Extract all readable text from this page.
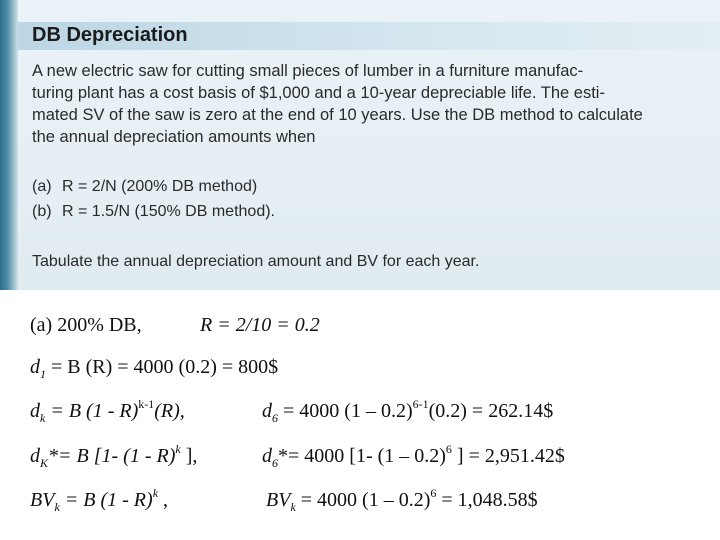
DB Depreciation

A new electric saw for cutting small pieces of lumber in a furniture manufac-
turing plant has a cost basis of $1,000 and a 10-year depreciable life. The esti-
mated SV of the saw is zero at the end of 10 years. Use the DB method to calculate
the annual depreciation amounts when

(a) R = 2/N (200% DB method)
(b) R = 1.5/N (150% DB method).
Tabulate the annual depreciation amount and BV for each year.
(a) 200% DB,	R = 2/10 = 0.2
$d_1 = B$ (R) = 4000 (0.2) = 800$
$d_k = B$ (1 - R)$^{k-1}$(R),	$d_6 = 4000$ (1 – 0.2)$^{6-1}$(0.2) = 262.14$
$d_K*= B$ [1- (1 - R)$^k$ ],	$d_6*= 4000$ [1- (1 – 0.2)$^6$ ] = 2,951.42$
$BV_k = B$ (1 - R)$^k$ ,	$BV_k = 4000$ (1 – 0.2)$^6$ = 1,048.58$
